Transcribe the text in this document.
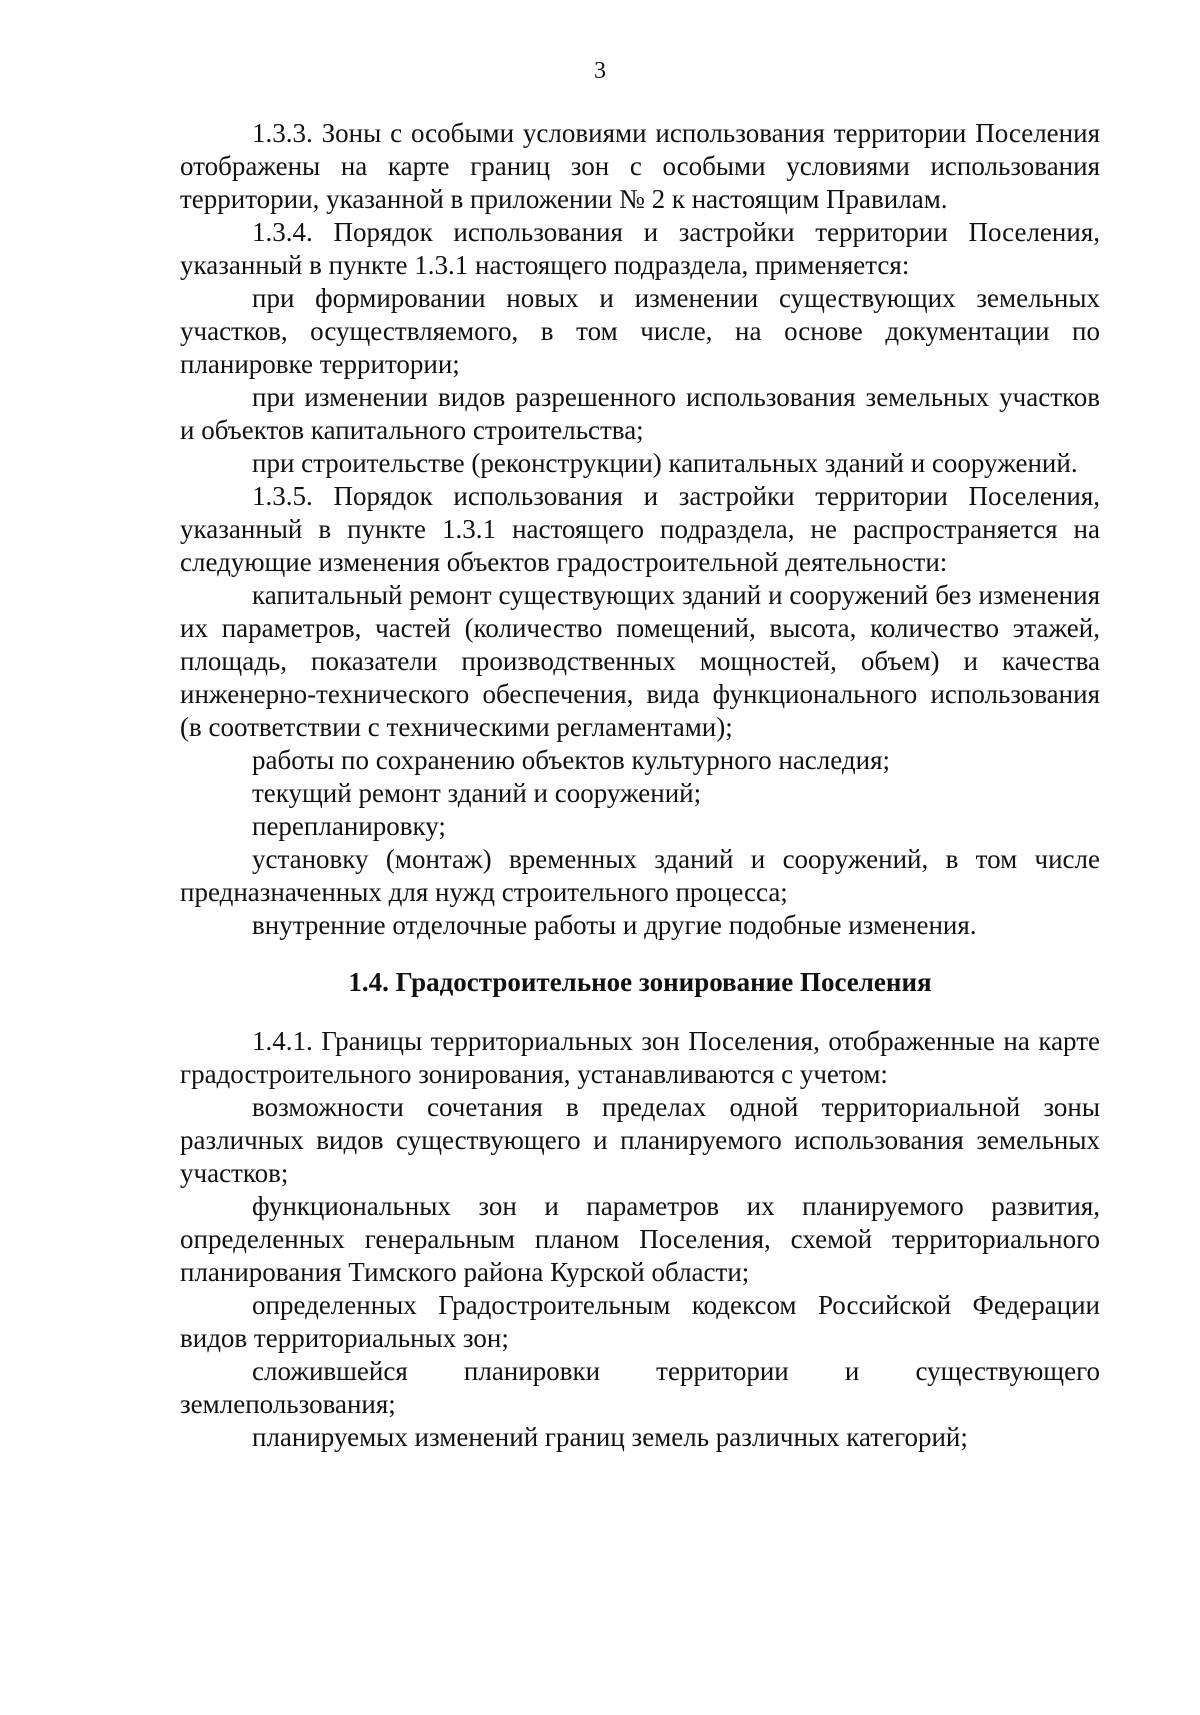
3

1.3.3. Зоны с особыми условиями использования территории Поселения отображены на карте границ зон с особыми условиями использования территории, указанной в приложении № 2 к настоящим Правилам.

1.3.4. Порядок использования и застройки территории Поселения, указанный в пункте 1.3.1 настоящего подраздела, применяется:

при формировании новых и изменении существующих земельных участков, осуществляемого, в том числе, на основе документации по планировке территории;

при изменении видов разрешенного использования земельных участков и объектов капитального строительства;

при строительстве (реконструкции) капитальных зданий и сооружений.

1.3.5. Порядок использования и застройки территории Поселения, указанный в пункте 1.3.1 настоящего подраздела, не распространяется на следующие изменения объектов градостроительной деятельности:

капитальный ремонт существующих зданий и сооружений без изменения их параметров, частей (количество помещений, высота, количество этажей, площадь, показатели производственных мощностей, объем) и качества инженерно-технического обеспечения, вида функционального использования (в соответствии с техническими регламентами);

работы по сохранению объектов культурного наследия;

текущий ремонт зданий и сооружений;

перепланировку;

установку (монтаж) временных зданий и сооружений, в том числе предназначенных для нужд строительного процесса;

внутренние отделочные работы и другие подобные изменения.

1.4. Градостроительное зонирование Поселения

1.4.1. Границы территориальных зон Поселения, отображенные на карте градостроительного зонирования, устанавливаются с учетом:

возможности сочетания в пределах одной территориальной зоны различных видов существующего и планируемого использования земельных участков;

функциональных зон и параметров их планируемого развития, определенных генеральным планом Поселения, схемой территориального планирования Тимского района Курской области;

определенных Градостроительным кодексом Российской Федерации видов территориальных зон;

сложившейся планировки территории и существующего землепользования;

планируемых изменений границ земель различных категорий;
